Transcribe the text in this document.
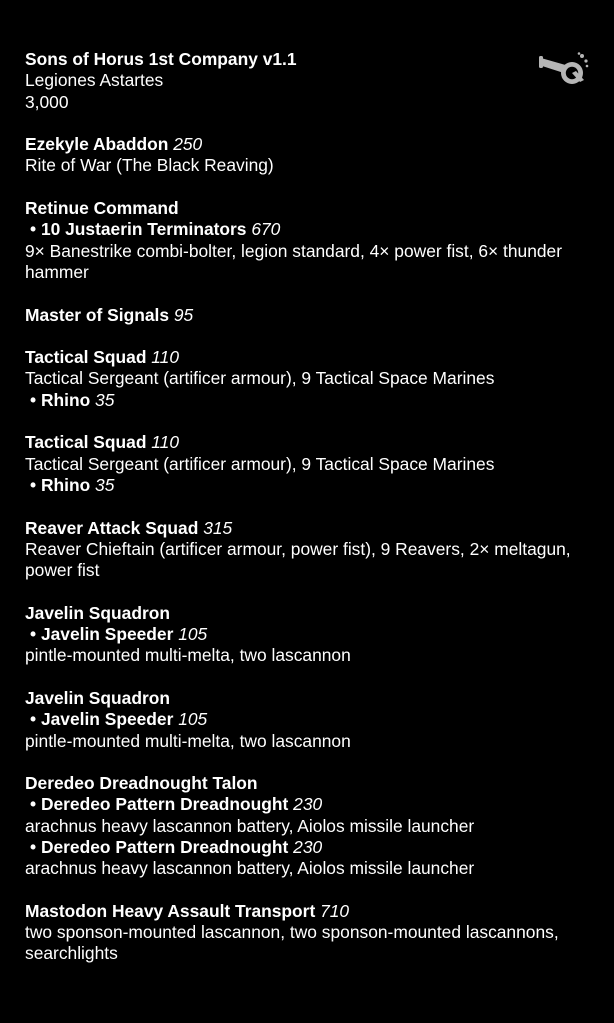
Sons of Horus 1st Company v1.1
Legiones Astartes
3,000
Ezekyle Abaddon 250
Rite of War (The Black Reaving)
Retinue Command
• 10 Justaerin Terminators 670
9× Banestrike combi-bolter, legion standard, 4× power fist, 6× thunder hammer
Master of Signals 95
Tactical Squad 110
Tactical Sergeant (artificer armour), 9 Tactical Space Marines
• Rhino 35
Tactical Squad 110
Tactical Sergeant (artificer armour), 9 Tactical Space Marines
• Rhino 35
Reaver Attack Squad 315
Reaver Chieftain (artificer armour, power fist), 9 Reavers, 2× meltagun, power fist
Javelin Squadron
• Javelin Speeder 105
pintle-mounted multi-melta, two lascannon
Javelin Squadron
• Javelin Speeder 105
pintle-mounted multi-melta, two lascannon
Deredeo Dreadnought Talon
• Deredeo Pattern Dreadnought 230
arachnus heavy lascannon battery, Aiolos missile launcher
• Deredeo Pattern Dreadnought 230
arachnus heavy lascannon battery, Aiolos missile launcher
Mastodon Heavy Assault Transport 710
two sponson-mounted lascannon, two sponson-mounted lascannons, searchlights
